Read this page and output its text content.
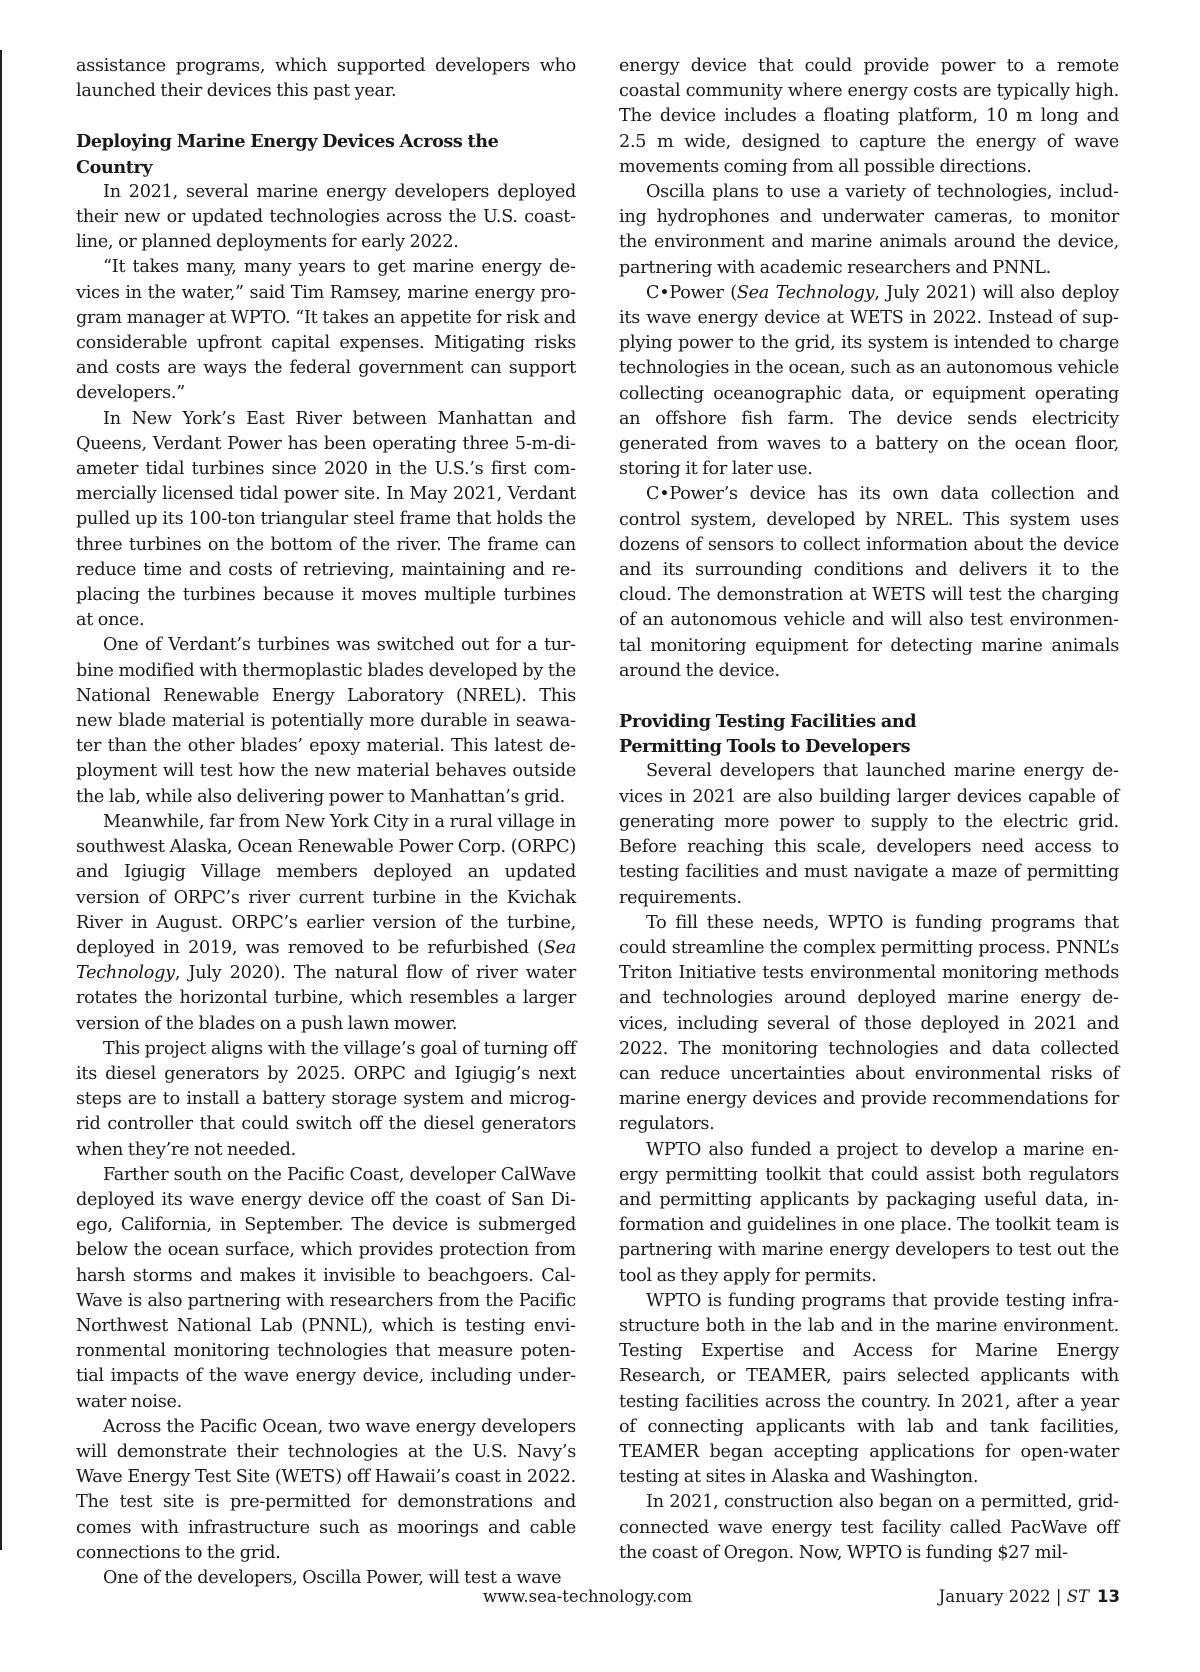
assistance programs, which supported developers who launched their devices this past year.

Deploying Marine Energy Devices Across the Country

In 2021, several marine energy developers deployed their new or updated technologies across the U.S. coastline, or planned deployments for early 2022.

“It takes many, many years to get marine energy devices in the water,” said Tim Ramsey, marine energy program manager at WPTO. “It takes an appetite for risk and considerable upfront capital expenses. Mitigating risks and costs are ways the federal government can support developers.”

In New York’s East River between Manhattan and Queens, Verdant Power has been operating three 5-m-diameter tidal turbines since 2020 in the U.S.’s first commercially licensed tidal power site. In May 2021, Verdant pulled up its 100-ton triangular steel frame that holds the three turbines on the bottom of the river. The frame can reduce time and costs of retrieving, maintaining and replacing the turbines because it moves multiple turbines at once.

One of Verdant’s turbines was switched out for a turbine modified with thermoplastic blades developed by the National Renewable Energy Laboratory (NREL). This new blade material is potentially more durable in seawater than the other blades’ epoxy material. This latest deployment will test how the new material behaves outside the lab, while also delivering power to Manhattan’s grid.

Meanwhile, far from New York City in a rural village in southwest Alaska, Ocean Renewable Power Corp. (ORPC) and Igiugig Village members deployed an updated version of ORPC’s river current turbine in the Kvichak River in August. ORPC’s earlier version of the turbine, deployed in 2019, was removed to be refurbished (Sea Technology, July 2020). The natural flow of river water rotates the horizontal turbine, which resembles a larger version of the blades on a push lawn mower.

This project aligns with the village’s goal of turning off its diesel generators by 2025. ORPC and Igiugig’s next steps are to install a battery storage system and microgrid controller that could switch off the diesel generators when they’re not needed.

Farther south on the Pacific Coast, developer CalWave deployed its wave energy device off the coast of San Diego, California, in September. The device is submerged below the ocean surface, which provides protection from harsh storms and makes it invisible to beachgoers. CalWave is also partnering with researchers from the Pacific Northwest National Lab (PNNL), which is testing environmental monitoring technologies that measure potential impacts of the wave energy device, including underwater noise.

Across the Pacific Ocean, two wave energy developers will demonstrate their technologies at the U.S. Navy’s Wave Energy Test Site (WETS) off Hawaii’s coast in 2022. The test site is pre-permitted for demonstrations and comes with infrastructure such as moorings and cable connections to the grid.

One of the developers, Oscilla Power, will test a wave

energy device that could provide power to a remote coastal community where energy costs are typically high. The device includes a floating platform, 10 m long and 2.5 m wide, designed to capture the energy of wave movements coming from all possible directions.

Oscilla plans to use a variety of technologies, including hydrophones and underwater cameras, to monitor the environment and marine animals around the device, partnering with academic researchers and PNNL.

C•Power (Sea Technology, July 2021) will also deploy its wave energy device at WETS in 2022. Instead of supplying power to the grid, its system is intended to charge technologies in the ocean, such as an autonomous vehicle collecting oceanographic data, or equipment operating an offshore fish farm. The device sends electricity generated from waves to a battery on the ocean floor, storing it for later use.

C•Power’s device has its own data collection and control system, developed by NREL. This system uses dozens of sensors to collect information about the device and its surrounding conditions and delivers it to the cloud. The demonstration at WETS will test the charging of an autonomous vehicle and will also test environmental monitoring equipment for detecting marine animals around the device.

Providing Testing Facilities and
Permitting Tools to Developers

Several developers that launched marine energy devices in 2021 are also building larger devices capable of generating more power to supply to the electric grid. Before reaching this scale, developers need access to testing facilities and must navigate a maze of permitting requirements.

To fill these needs, WPTO is funding programs that could streamline the complex permitting process. PNNL’s Triton Initiative tests environmental monitoring methods and technologies around deployed marine energy devices, including several of those deployed in 2021 and 2022. The monitoring technologies and data collected can reduce uncertainties about environmental risks of marine energy devices and provide recommendations for regulators.

WPTO also funded a project to develop a marine energy permitting toolkit that could assist both regulators and permitting applicants by packaging useful data, information and guidelines in one place. The toolkit team is partnering with marine energy developers to test out the tool as they apply for permits.

WPTO is funding programs that provide testing infrastructure both in the lab and in the marine environment. Testing Expertise and Access for Marine Energy Research, or TEAMER, pairs selected applicants with testing facilities across the country. In 2021, after a year of connecting applicants with lab and tank facilities, TEAMER began accepting applications for open-water testing at sites in Alaska and Washington.

In 2021, construction also began on a permitted, grid-connected wave energy test facility called PacWave off the coast of Oregon. Now, WPTO is funding $27 mil-

www.sea-technology.com	January 2022 | ST 13
